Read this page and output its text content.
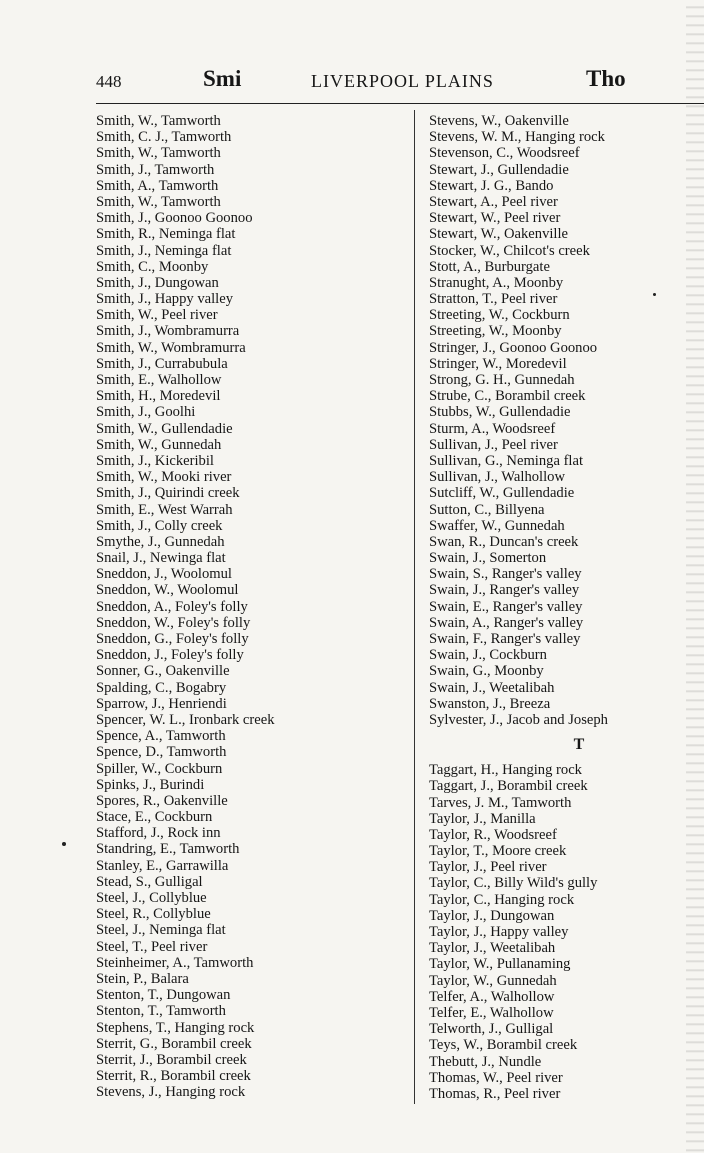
448	Smi	LIVERPOOL PLAINS	Tho
Smith, W., Tamworth
Smith, C. J., Tamworth
Smith, W., Tamworth
Smith, J., Tamworth
Smith, A., Tamworth
Smith, W., Tamworth
Smith, J., Goonoo Goonoo
Smith, R., Neminga flat
Smith, J., Neminga flat
Smith, C., Moonby
Smith, J., Dungowan
Smith, J., Happy valley
Smith, W., Peel river
Smith, J., Wombramurra
Smith, W., Wombramurra
Smith, J., Currabubula
Smith, E., Walhollow
Smith, H., Moredevil
Smith, J., Goolhi
Smith, W., Gullendadie
Smith, W., Gunnedah
Smith, J., Kickeribil
Smith, W., Mooki river
Smith, J., Quirindi creek
Smith, E., West Warrah
Smith, J., Colly creek
Smythe, J., Gunnedah
Snail, J., Newinga flat
Sneddon, J., Woolomul
Sneddon, W., Woolomul
Sneddon, A., Foley's folly
Sneddon, W., Foley's folly
Sneddon, G., Foley's folly
Sneddon, J., Foley's folly
Sonner, G., Oakenville
Spalding, C., Bogabry
Sparrow, J., Henriendi
Spencer, W. L., Ironbark creek
Spence, A., Tamworth
Spence, D., Tamworth
Spiller, W., Cockburn
Spinks, J., Burindi
Spores, R., Oakenville
Stace, E., Cockburn
Stafford, J., Rock inn
Standring, E., Tamworth
Stanley, E., Garrawilla
Stead, S., Gulligal
Steel, J., Collyblue
Steel, R., Collyblue
Steel, J., Neminga flat
Steel, T., Peel river
Steinheimer, A., Tamworth
Stein, P., Balara
Stenton, T., Dungowan
Stenton, T., Tamworth
Stephens, T., Hanging rock
Sterrit, G., Borambil creek
Sterrit, J., Borambil creek
Sterrit, R., Borambil creek
Stevens, J., Hanging rock
Stevens, W., Oakenville
Stevens, W. M., Hanging rock
Stevenson, C., Woodsreef
Stewart, J., Gullendadie
Stewart, J. G., Bando
Stewart, A., Peel river
Stewart, W., Peel river
Stewart, W., Oakenville
Stocker, W., Chilcot's creek
Stott, A., Burburgate
Stranught, A., Moonby
Stratton, T., Peel river
Streeting, W., Cockburn
Streeting, W., Moonby
Stringer, J., Goonoo Goonoo
Stringer, W., Moredevil
Strong, G. H., Gunnedah
Strube, C., Borambil creek
Stubbs, W., Gullendadie
Sturm, A., Woodsreef
Sullivan, J., Peel river
Sullivan, G., Neminga flat
Sullivan, J., Walhollow
Sutcliff, W., Gullendadie
Sutton, C., Billyena
Swaffer, W., Gunnedah
Swan, R., Duncan's creek
Swain, J., Somerton
Swain, S., Ranger's valley
Swain, J., Ranger's valley
Swain, E., Ranger's valley
Swain, A., Ranger's valley
Swain, F., Ranger's valley
Swain, J., Cockburn
Swain, G., Moonby
Swain, J., Weetalibah
Swanston, J., Breeza
Sylvester, J., Jacob and Joseph
T
Taggart, H., Hanging rock
Taggart, J., Borambil creek
Tarves, J. M., Tamworth
Taylor, J., Manilla
Taylor, R., Woodsreef
Taylor, T., Moore creek
Taylor, J., Peel river
Taylor, C., Billy Wild's gully
Taylor, C., Hanging rock
Taylor, J., Dungowan
Taylor, J., Happy valley
Taylor, J., Weetalibah
Taylor, W., Pullanaming
Taylor, W., Gunnedah
Telfer, A., Walhollow
Telfer, E., Walhollow
Telworth, J., Gulligal
Teys, W., Borambil creek
Thebutt, J., Nundle
Thomas, W., Peel river
Thomas, R., Peel river
